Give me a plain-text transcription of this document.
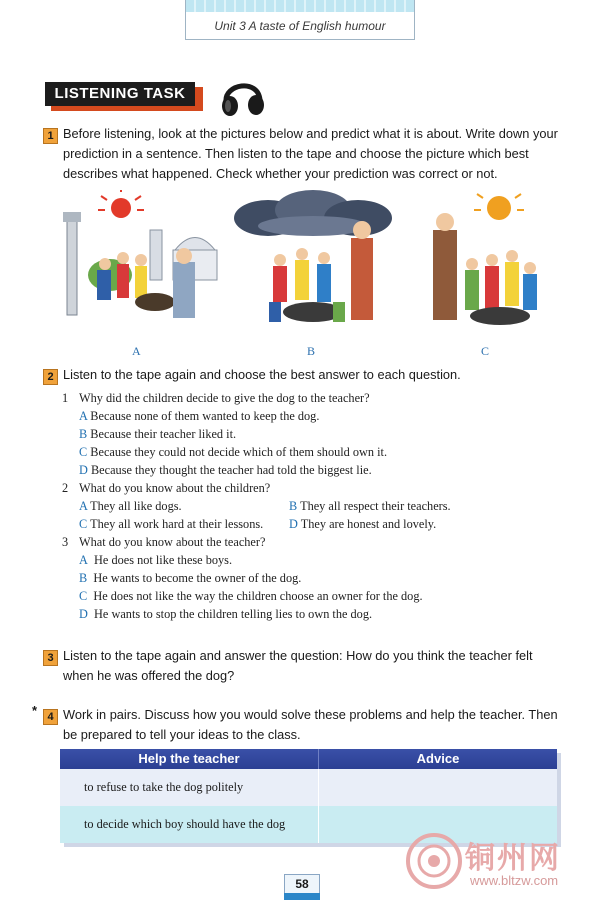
Unit 3 A taste of English humour
LISTENING TASK
1 Before listening, look at the pictures below and predict what it is about. Write down your
prediction in a sentence. Then listen to the tape and choose the picture which best
describes what happened. Check whether your prediction was correct or not.
A	B	C
2 Listen to the tape again and choose the best answer to each question.
1 Why did the children decide to give the dog to the teacher?
A Because none of them wanted to keep the dog.
B Because their teacher liked it.
C Because they could not decide which of them should own it.
D Because they thought the teacher had told the biggest lie.
2 What do you know about the children?
A They all like dogs.	B They all respect their teachers.
C They all work hard at their lessons. D They are honest and lovely.
3 What do you know about the teacher?
A He does not like these boys.
B He wants to become the owner of the dog.
C He does not like the way the children choose an owner for the dog.
D He wants to stop the children telling lies to own the dog.
3 Listen to the tape again and answer the question: How do you think the teacher felt
when he was offered the dog?
* 4 Work in pairs. Discuss how you would solve these problems and help the teacher. Then
be prepared to tell your ideas to the class.
Help the teacher	Advice
to refuse to take the dog politely
to decide which boy should have the dog
铜州网
www.bltzw.com
58
